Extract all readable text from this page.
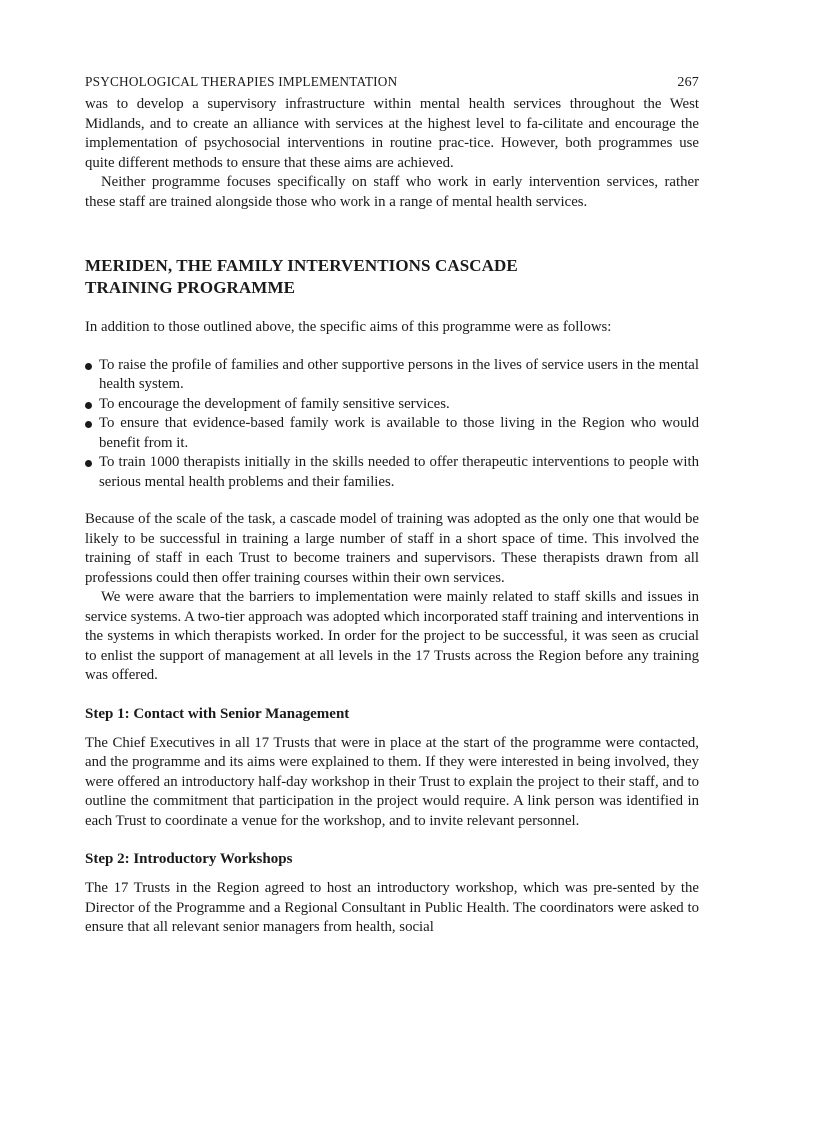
PSYCHOLOGICAL THERAPIES IMPLEMENTATION	267

was to develop a supervisory infrastructure within mental health services throughout the West Midlands, and to create an alliance with services at the highest level to fa-cilitate and encourage the implementation of psychosocial interventions in routine prac-tice. However, both programmes use quite different methods to ensure that these aims are achieved.

Neither programme focuses specifically on staff who work in early intervention services, rather these staff are trained alongside those who work in a range of mental health services.

MERIDEN, THE FAMILY INTERVENTIONS CASCADE
TRAINING PROGRAMME

In addition to those outlined above, the specific aims of this programme were as follows:

To raise the profile of families and other supportive persons in the lives of service users in the mental health system.
To encourage the development of family sensitive services.
To ensure that evidence-based family work is available to those living in the Region who would benefit from it.
To train 1000 therapists initially in the skills needed to offer therapeutic interventions to people with serious mental health problems and their families.

Because of the scale of the task, a cascade model of training was adopted as the only one that would be likely to be successful in training a large number of staff in a short space of time. This involved the training of staff in each Trust to become trainers and supervisors. These therapists drawn from all professions could then offer training courses within their own services.

We were aware that the barriers to implementation were mainly related to staff skills and issues in service systems. A two-tier approach was adopted which incorporated staff training and interventions in the systems in which therapists worked. In order for the project to be successful, it was seen as crucial to enlist the support of management at all levels in the 17 Trusts across the Region before any training was offered.

Step 1: Contact with Senior Management

The Chief Executives in all 17 Trusts that were in place at the start of the programme were contacted, and the programme and its aims were explained to them. If they were interested in being involved, they were offered an introductory half-day workshop in their Trust to explain the project to their staff, and to outline the commitment that participation in the project would require. A link person was identified in each Trust to coordinate a venue for the workshop, and to invite relevant personnel.

Step 2: Introductory Workshops

The 17 Trusts in the Region agreed to host an introductory workshop, which was pre-sented by the Director of the Programme and a Regional Consultant in Public Health. The coordinators were asked to ensure that all relevant senior managers from health, social
